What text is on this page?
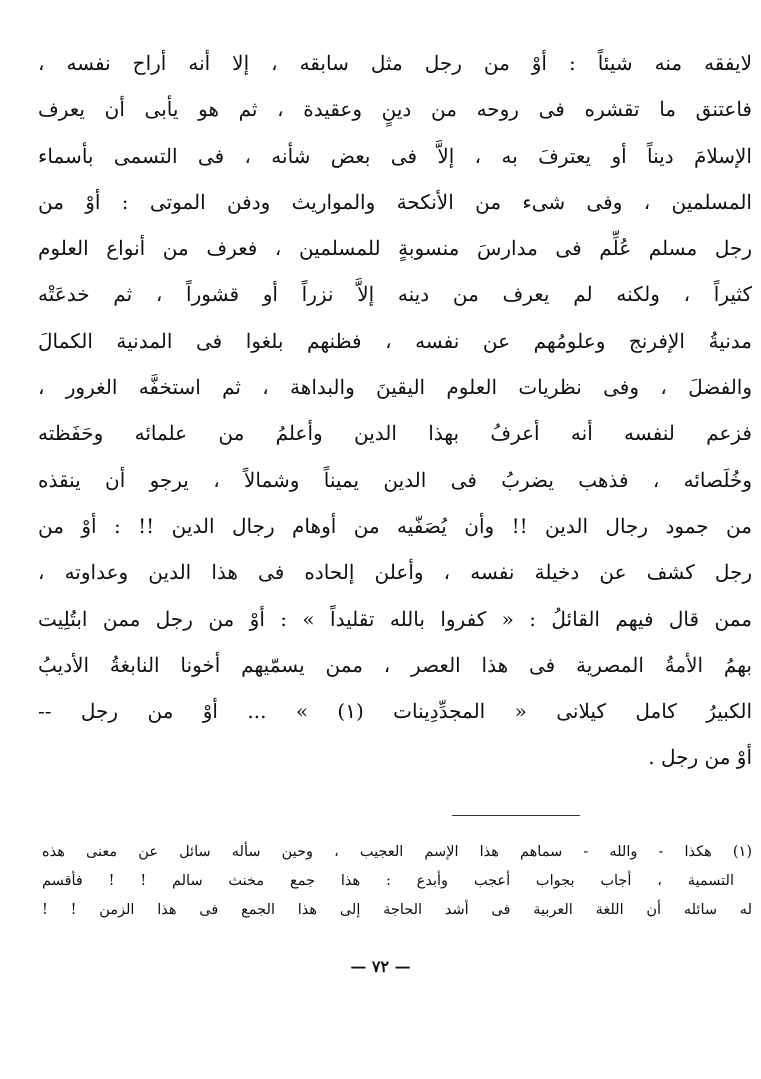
لايفقه منه شيئاً : أوْ من رجل مثل سابقه ، إلا أنه أراح نفسه ،
فاعتنق ما تقشره فى روحه من دينٍ وعقيدة ، ثم هو يأبى أن يعرف
الإسلامَ ديناً أو يعترفَ به ، إلاَّ فى بعض شأنه ، فى التسمى بأسماء
المسلمين ، وفى شىء من الأنكحة والمواريث ودفن الموتى : أوْ من
رجل مسلم عُلِّم فى مدارسَ منسوبةٍ للمسلمين ، فعرف من أنواع العلوم
كثيراً ، ولكنه لم يعرف من دينه إلاَّ نزراً أو قشوراً ، ثم خدعَتْه
مدنيةُ الإفرنج وعلومُهم عن نفسه ، فظنهم بلغوا فى المدنية الكمالَ
والفضلَ ، وفى نظريات العلوم اليقينَ والبداهة ، ثم استخفَّه الغرور ،
فزعم لنفسه أنه أعرفُ بهذا الدين وأعلمُ من علمائه وحَفَظته
وخُلَصائه ، فذهب يضربُ فى الدين يميناً وشمالاً ، يرجو أن ينقذه
من جمود رجال الدين !! وأن يُصَفّيه من أوهام رجال الدين !! : أوْ من
رجل كشف عن دخيلة نفسه ، وأعلن إلحاده فى هذا الدين وعداوته ،
ممن قال فيهم القائلُ : « كفروا بالله تقليداً » : أوْ من رجل ممن ابتُلِيت
بهمُ الأمةُ المصرية فى هذا العصر ، ممن يسمّيهم أخونا النابغةُ الأديبُ
الكبيرُ كامل كيلانى « المجدِّدِينات (١) » ... أوْ من رجل --
أوْ من رجل .
(١) هكذا - والله - سماهم هذا الإسم العجيب ، وحين سأله سائل عن معنى هذه
التسمية ، أجاب بجواب أعجب وأبدع : هذا جمع مخنث سالم ! ! فأقسم
له سائله أن اللغة العربية فى أشد الحاجة إلى هذا الجمع فى هذا الزمن ! !
— ٧٢ —
